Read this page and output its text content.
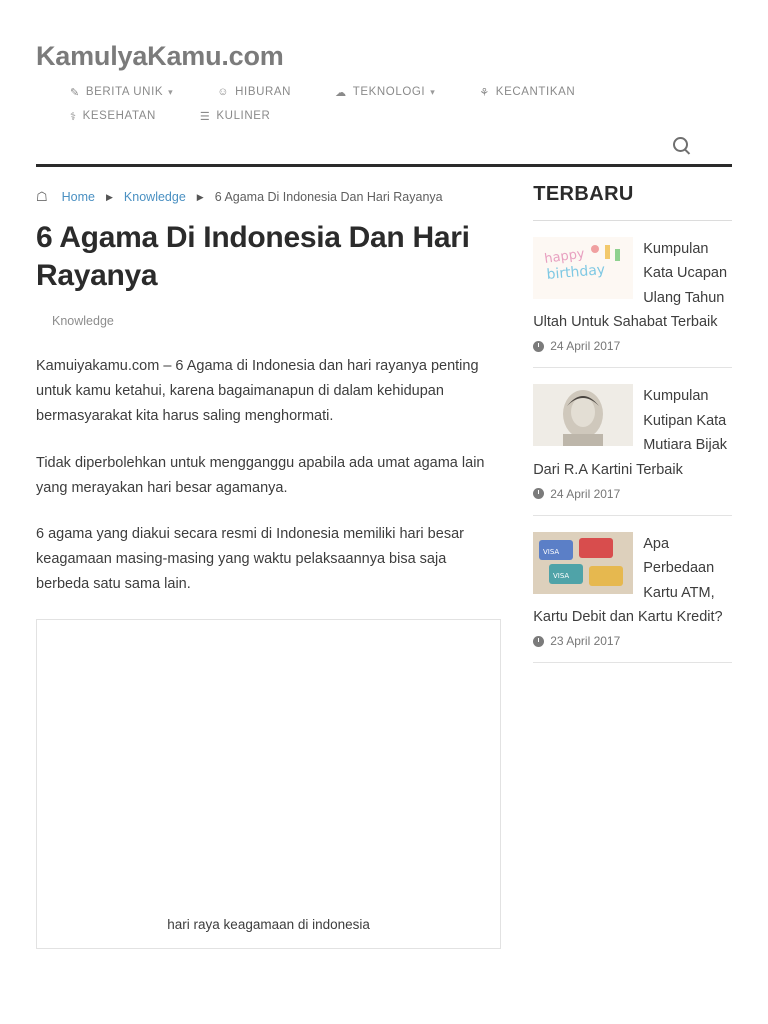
KamulyaKamu.com
✎ BERITA UNIK ▾	☺ HIBURAN	☁ TEKNOLOGI ▾	⚘ KECANTIKAN
⚕ KESEHATAN	☰ KULINER
☖ Home ▶ Knowledge ▶ 6 Agama Di Indonesia Dan Hari Rayanya
6 Agama Di Indonesia Dan Hari Rayanya
Knowledge

Kamuiyakamu.com – 6 Agama di Indonesia dan hari rayanya penting untuk kamu ketahui, karena bagaimanapun di dalam kehidupan bermasyarakat kita harus saling menghormati.

Tidak diperbolehkan untuk mengganggu apabila ada umat agama lain yang merayakan hari besar agamanya.

6 agama yang diakui secara resmi di Indonesia memiliki hari besar keagamaan masing-masing yang waktu pelaksaannya bisa saja berbeda satu sama lain.

hari raya keagamaan di indonesia
TERBARU
happy
birthday

Kumpulan Kata Ucapan Ulang Tahun Ultah Untuk Sahabat Terbaik

24 April 2017

Kumpulan Kutipan Kata Mutiara Bijak Dari R.A Kartini Terbaik

24 April 2017
VISA
VISA

Apa Perbedaan Kartu ATM, Kartu Debit dan Kartu Kredit?

23 April 2017
